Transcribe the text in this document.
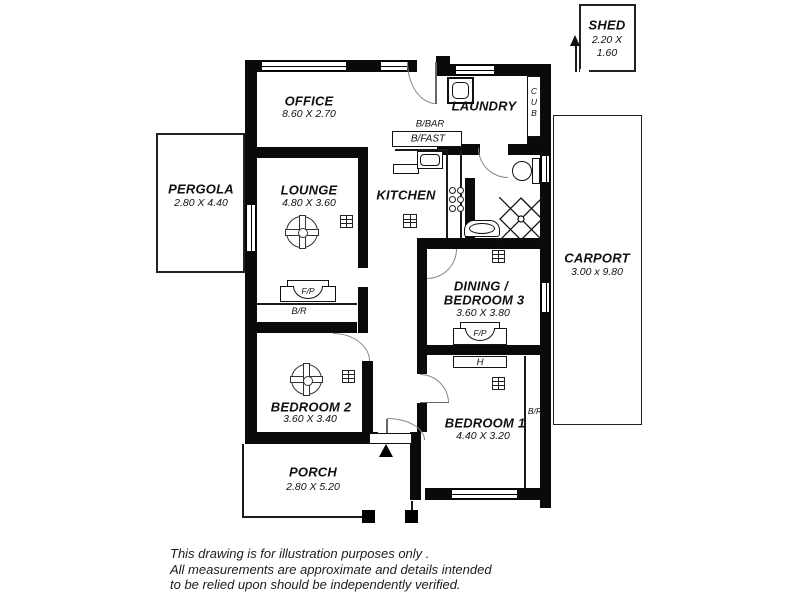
SHED
2.20 X
1.60
PERGOLA
2.80 X 4.40
CARPORT
3.00 x 9.80
PORCH
2.80 X 5.20
CUB
LAUNDRY
B/BAR
B/FAST
KITCHEN
OFFICE
8.60 X 2.70
LOUNGE
4.80 X 3.60
F/P
B/R
DINING /
BEDROOM 3
3.60 X 3.80
F/P
H
BEDROOM 2
3.60 X 3.40
B/R
BEDROOM 1
4.40 X 3.20
This drawing is for illustration purposes only .
All measurements are approximate and details intended
to be relied upon should be independently verified.
